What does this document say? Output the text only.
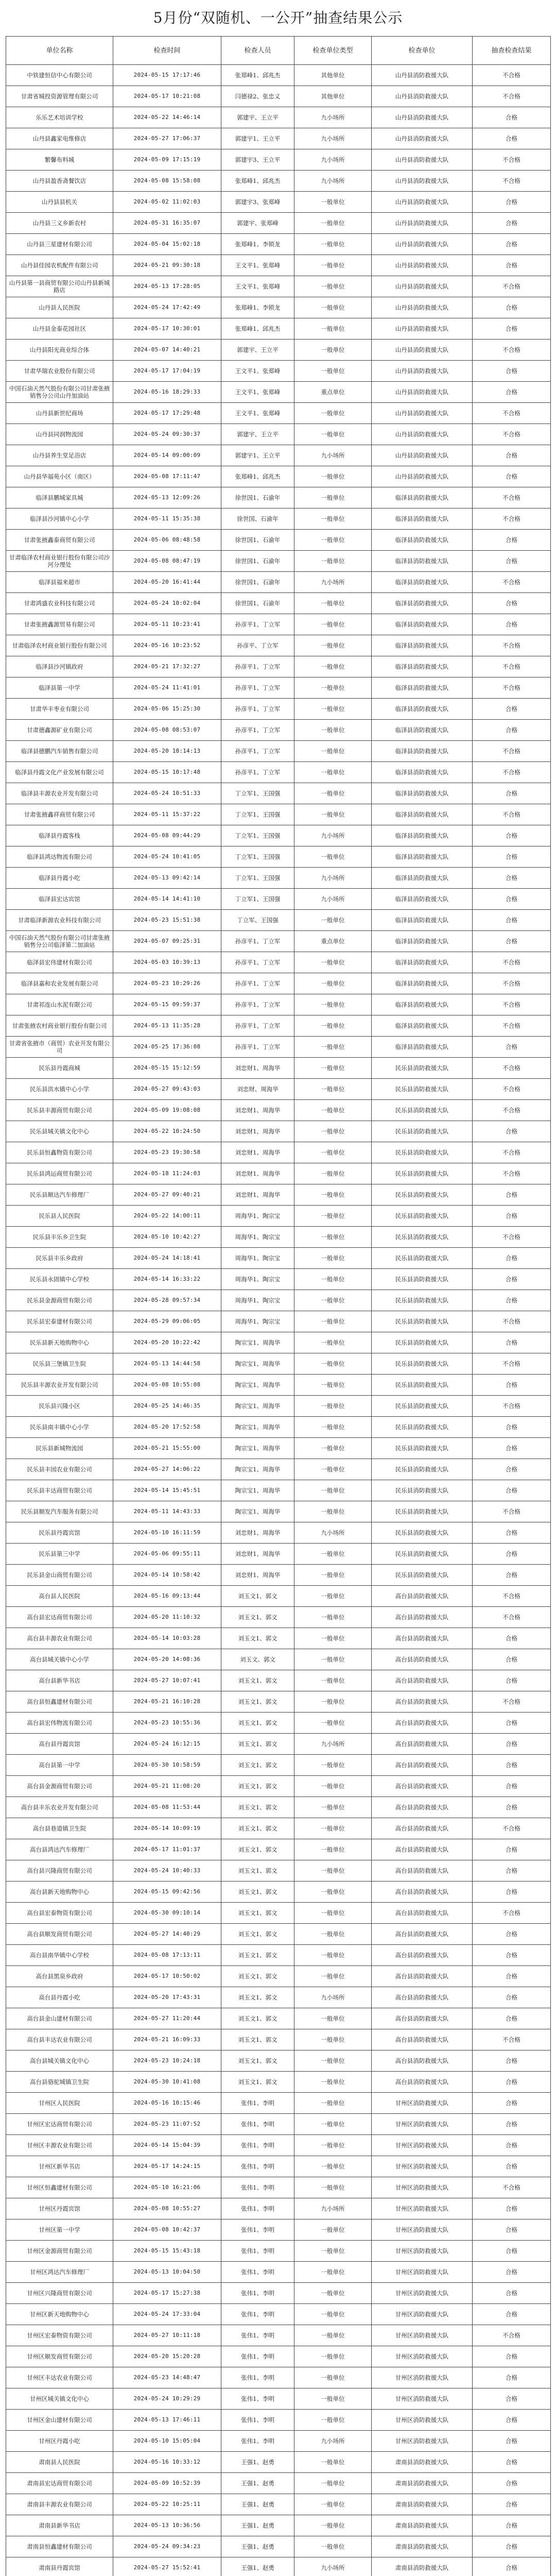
5月份“双随机、一公开”抽查结果公示
单位名称	检查时间	检查人员	检查单位类型	检查单位	抽查检查结果
中铁建恒信中心有限公司	2024-05-15 17:17:46	张郑峰1、邱兆杰	其他单位	山丹县消防救援大队	不合格
甘肃省城投资源管理有限公司	2024-05-17 10:21:08	闫德禄2、张忠义	其他单位	山丹县消防救援大队	不合格
乐乐艺术培训学校	2024-05-22 14:46:14	郭建宇、王立平	九小场所	山丹县消防救援大队	合格
山丹县鑫家电维修店	2024-05-27 17:06:37	郭建宇1、王立平	九小场所	山丹县消防救援大队	合格
繁馨布料城	2024-05-09 17:15:19	郭建宇3、王立平	九小场所	山丹县消防救援大队	不合格
山丹县盈香斋餐饮店	2024-05-08 15:58:08	张郑峰1、邱兆杰	九小场所	山丹县消防救援大队	不合格
山丹县县机关	2024-05-02 11:02:03	郭建宇3、张郑峰	一般单位	山丹县消防救援大队	合格
山丹县三义乡新农村	2024-05-31 16:35:07	郭建宇、张郑峰	一般单位	山丹县消防救援大队	合格
山丹县三星建材有限公司	2024-05-04 15:02:18	张郑峰1、李锁龙	一般单位	山丹县消防救援大队	合格
山丹县佳园农机配件有限公司	2024-05-21 09:30:18	王文平1、张郑峰	一般单位	山丹县消防救援大队	合格
山丹县第一县商贸有限公司山丹县新城路店	2024-05-13 17:28:05	王文平1、张郑峰	一般单位	山丹县消防救援大队	不合格
山丹县人民医院	2024-05-24 17:42:49	张郑峰1、李锁龙	一般单位	山丹县消防救援大队	合格
山丹县金泰花园社区	2024-05-17 10:30:01	张郑峰1、邱兆杰	一般单位	山丹县消防救援大队	合格
山丹县阳光商业综合体	2024-05-07 14:40:21	郭建宇、王立平	一般单位	山丹县消防救援大队	不合格
甘肃华瑞农业股份有限公司	2024-05-17 17:04:19	王文平1、张郑峰	一般单位	山丹县消防救援大队	合格
中国石油天然气股份有限公司甘肃张掖销售分公司山丹加油站	2024-05-16 18:29:33	王文平1、张郑峰	重点单位	山丹县消防救援大队	合格
山丹县新世纪商场	2024-05-17 17:29:48	王文平1、张郑峰	一般单位	山丹县消防救援大队	不合格
山丹县同润物流园	2024-05-24 09:30:37	郭建宇、王立平	一般单位	山丹县消防救援大队	不合格
山丹县养生堂足浴店	2024-05-14 09:00:09	郭建宇1、王立平	九小场所	山丹县消防救援大队	合格
山丹县华福苑小区（南区）	2024-05-08 17:11:47	张郑峰1、邱兆杰	一般单位	山丹县消防救援大队	合格
临泽县鹏城家具城	2024-05-13 12:09:26	徐世国1、石渝年	一般单位	临泽县消防救援大队	不合格
临泽县沙河镇中心小学	2024-05-11 15:35:38	徐世国、石渝年	一般单位	临泽县消防救援大队	不合格
甘肃张掖鑫泰商贸有限公司	2024-05-06 08:48:58	徐世国1、石渝年	一般单位	临泽县消防救援大队	合格
甘肃临泽农村商业银行股份有限公司沙河分理处	2024-05-08 08:47:19	徐世国1、石渝年	一般单位	临泽县消防救援大队	合格
临泽县福来超市	2024-05-20 16:41:44	徐世国1、石渝年	九小场所	临泽县消防救援大队	不合格
甘肃鸿盛农业科技有限公司	2024-05-24 10:02:04	徐世国1、石渝年	一般单位	临泽县消防救援大队	合格
甘肃张掖鑫源贸易有限公司	2024-05-11 10:23:41	孙彦平1、丁立军	一般单位	临泽县消防救援大队	合格
甘肃临泽农村商业银行股份有限公司	2024-05-16 10:23:52	孙彦平、丁立军	一般单位	临泽县消防救援大队	不合格
临泽县沙河镇政府	2024-05-21 17:32:27	孙彦平1、丁立军	一般单位	临泽县消防救援大队	不合格
临泽县第一中学	2024-05-24 11:41:01	孙彦平1、丁立军	一般单位	临泽县消防救援大队	不合格
甘肃华丰枣业有限公司	2024-05-06 15:25:30	孙彦平1、丁立军	一般单位	临泽县消防救援大队	合格
甘肃德鑫源矿业有限公司	2024-05-08 08:53:07	孙彦平1、丁立军	一般单位	临泽县消防救援大队	合格
临泽县德鹏汽车销售有限公司	2024-05-20 18:14:13	孙彦平1、丁立军	一般单位	临泽县消防救援大队	不合格
临泽县丹霞文化产业发展有限公司	2024-05-15 10:17:48	孙彦平1、丁立军	一般单位	临泽县消防救援大队	不合格
临泽县丰源农业开发有限公司	2024-05-24 10:51:33	丁立军1、王国强	一般单位	临泽县消防救援大队	合格
甘肃张掖鑫祥商贸有限公司	2024-05-11 15:37:22	丁立军1、王国强	一般单位	临泽县消防救援大队	不合格
临泽县丹霞客栈	2024-05-08 09:44:29	丁立军1、王国强	九小场所	临泽县消防救援大队	合格
临泽县鸿达物流有限公司	2024-05-24 10:41:05	丁立军1、王国强	一般单位	临泽县消防救援大队	合格
临泽县丹霞小吃	2024-05-13 09:42:14	丁立军1、王国强	九小场所	临泽县消防救援大队	合格
临泽县宏达宾馆	2024-05-14 14:41:10	丁立军1、王国强	九小场所	临泽县消防救援大队	合格
甘肃临泽新源农业科技有限公司	2024-05-23 15:51:38	丁立军、王国强	一般单位	临泽县消防救援大队	合格
中国石油天然气股份有限公司甘肃张掖销售分公司临泽第二加油站	2024-05-07 09:25:31	孙彦平1、丁立军	重点单位	临泽县消防救援大队	合格
临泽县宏伟建材有限公司	2024-05-03 10:39:13	孙彦平1、丁立军	一般单位	临泽县消防救援大队	不合格
临泽县嘉和农业发展有限公司	2024-05-23 10:29:26	孙彦平1、丁立军	一般单位	临泽县消防救援大队	不合格
甘肃祁连山水泥有限公司	2024-05-15 09:59:37	孙彦平1、丁立军	一般单位	临泽县消防救援大队	不合格
甘肃张掖农村商业银行股份有限公司	2024-05-13 11:35:28	孙彦平1、丁立军	一般单位	临泽县消防救援大队	不合格
甘肃省张掖市（商贸）农业开发有限公司	2024-05-25 17:36:08	孙彦平1、丁立军	一般单位	临泽县消防救援大队	合格
民乐县丹霞商城	2024-05-15 15:12:59	刘忠财1、周海华	一般单位	民乐县消防救援大队	不合格
民乐县洪水镇中心小学	2024-05-27 09:43:03	刘忠财、周海华	一般单位	民乐县消防救援大队	不合格
民乐县丰源商贸有限公司	2024-05-09 19:08:08	刘忠财1、周海华	一般单位	民乐县消防救援大队	不合格
民乐县城关镇文化中心	2024-05-22 10:24:50	刘忠财1、周海华	一般单位	民乐县消防救援大队	合格
民乐县恒鑫物资有限公司	2024-05-23 19:30:58	刘忠财1、周海华	一般单位	民乐县消防救援大队	不合格
民乐县鸿运商贸有限公司	2024-05-18 11:24:03	刘忠财1、周海华	一般单位	民乐县消防救援大队	不合格
民乐县顺达汽车修理厂	2024-05-27 09:40:21	刘忠财1、周海华	一般单位	民乐县消防救援大队	合格
民乐县人民医院	2024-05-22 14:00:11	周海华1、陶宗宝	一般单位	民乐县消防救援大队	合格
民乐县丰乐乡卫生院	2024-05-10 10:42:27	周海华1、陶宗宝	一般单位	民乐县消防救援大队	不合格
民乐县丰乐乡政府	2024-05-24 14:18:41	周海华1、陶宗宝	一般单位	民乐县消防救援大队	合格
民乐县永固镇中心学校	2024-05-14 16:33:22	周海华1、陶宗宝	一般单位	民乐县消防救援大队	合格
民乐县金源商贸有限公司	2024-05-28 09:57:34	周海华1、陶宗宝	一般单位	民乐县消防救援大队	合格
民乐县宏泰建材有限公司	2024-05-29 09:06:05	周海华1、陶宗宝	一般单位	民乐县消防救援大队	不合格
民乐县新天地购物中心	2024-05-20 10:22:42	陶宗宝1、周海华	一般单位	民乐县消防救援大队	合格
民乐县三堡镇卫生院	2024-05-13 14:44:58	陶宗宝1、周海华	一般单位	民乐县消防救援大队	不合格
民乐县丰源农业开发有限公司	2024-05-08 10:55:08	陶宗宝1、周海华	一般单位	民乐县消防救援大队	合格
民乐县兴隆小区	2024-05-25 14:46:35	陶宗宝1、周海华	一般单位	民乐县消防救援大队	不合格
民乐县南丰镇中心小学	2024-05-20 17:52:58	陶宗宝1、周海华	一般单位	民乐县消防救援大队	合格
民乐县新城物流园	2024-05-21 15:55:00	陶宗宝1、周海华	一般单位	民乐县消防救援大队	合格
民乐县丰园农业有限公司	2024-05-27 14:06:22	陶宗宝1、周海华	一般单位	民乐县消防救援大队	合格
民乐县丰达商贸有限公司	2024-05-14 15:45:51	陶宗宝1、周海华	一般单位	民乐县消防救援大队	合格
民乐县顺发汽车服务有限公司	2024-05-11 14:43:33	陶宗宝1、周海华	一般单位	民乐县消防救援大队	不合格
民乐县丹霞宾馆	2024-05-10 16:11:59	刘忠财1、周海华	九小场所	民乐县消防救援大队	合格
民乐县第三中学	2024-05-06 09:55:11	刘忠财1、周海华	一般单位	民乐县消防救援大队	合格
民乐县金山商贸有限公司	2024-05-14 10:58:42	刘忠财1、周海华	一般单位	民乐县消防救援大队	合格
高台县人民医院	2024-05-16 09:13:44	刘玉文1、郭文	一般单位	高台县消防救援大队	不合格
高台县宏达商贸有限公司	2024-05-20 11:10:32	刘玉文1、郭文	一般单位	高台县消防救援大队	不合格
高台县丰源农业有限公司	2024-05-14 10:03:28	刘玉文1、郭文	一般单位	高台县消防救援大队	合格
高台县城关镇中心小学	2024-05-20 14:08:36	刘玉文、郭文	一般单位	高台县消防救援大队	合格
高台县新华书店	2024-05-27 10:07:41	刘玉文1、郭文	一般单位	高台县消防救援大队	合格
高台县恒鑫建材有限公司	2024-05-21 16:10:28	刘玉文1、郭文	一般单位	高台县消防救援大队	不合格
高台县宏伟物流有限公司	2024-05-23 10:55:36	刘玉文1、郭文	一般单位	高台县消防救援大队	合格
高台县丹霞宾馆	2024-05-24 16:12:15	刘玉文1、郭文	九小场所	高台县消防救援大队	合格
高台县第一中学	2024-05-30 10:58:59	刘玉文1、郭文	一般单位	高台县消防救援大队	合格
高台县金源商贸有限公司	2024-05-21 11:08:20	刘玉文1、郭文	一般单位	高台县消防救援大队	合格
高台县丰乐农业开发有限公司	2024-05-08 11:53:44	刘玉文1、郭文	一般单位	高台县消防救援大队	合格
高台县巷道镇卫生院	2024-05-14 10:09:19	刘玉文1、郭文	一般单位	高台县消防救援大队	不合格
高台县鸿达汽车修理厂	2024-05-17 11:01:37	刘玉文1、郭文	一般单位	高台县消防救援大队	合格
高台县兴隆商贸有限公司	2024-05-24 10:40:33	刘玉文1、郭文	一般单位	高台县消防救援大队	合格
高台县新天地购物中心	2024-05-15 09:42:56	刘玉文1、郭文	一般单位	高台县消防救援大队	合格
高台县宏泰物资有限公司	2024-05-30 09:10:14	刘玉文1、郭文	一般单位	高台县消防救援大队	不合格
高台县顺发商贸有限公司	2024-05-27 14:40:29	刘玉文1、郭文	一般单位	高台县消防救援大队	合格
高台县南华镇中心学校	2024-05-08 17:13:11	刘玉文1、郭文	一般单位	高台县消防救援大队	合格
高台县黑泉乡政府	2024-05-17 10:50:02	刘玉文1、郭文	一般单位	高台县消防救援大队	合格
高台县丹霞小吃	2024-05-20 17:43:31	刘玉文1、郭文	九小场所	高台县消防救援大队	合格
高台县金山建材有限公司	2024-05-27 11:20:44	刘玉文1、郭文	一般单位	高台县消防救援大队	合格
高台县丰达农业有限公司	2024-05-21 16:09:33	刘玉文1、郭文	一般单位	高台县消防救援大队	不合格
高台县城关镇文化中心	2024-05-23 10:24:18	刘玉文1、郭文	一般单位	高台县消防救援大队	合格
高台县骆驼城镇卫生院	2024-05-30 10:41:08	刘玉文1、郭文	一般单位	高台县消防救援大队	合格
甘州区人民医院	2024-05-16 10:15:46	张伟1、李明	一般单位	甘州区消防救援大队	合格
甘州区宏达商贸有限公司	2024-05-23 11:07:52	张伟1、李明	一般单位	甘州区消防救援大队	合格
甘州区丰源农业有限公司	2024-05-14 15:04:39	张伟1、李明	一般单位	甘州区消防救援大队	合格
甘州区新华书店	2024-05-17 14:24:15	张伟1、李明	一般单位	甘州区消防救援大队	合格
甘州区恒鑫建材有限公司	2024-05-10 16:21:06	张伟1、李明	一般单位	甘州区消防救援大队	不合格
甘州区丹霞宾馆	2024-05-08 10:55:27	张伟1、李明	九小场所	甘州区消防救援大队	合格
甘州区第一中学	2024-05-08 10:42:37	张伟1、李明	一般单位	甘州区消防救援大队	合格
甘州区金源商贸有限公司	2024-05-15 15:43:18	张伟1、李明	一般单位	甘州区消防救援大队	合格
甘州区鸿达汽车修理厂	2024-05-13 10:04:50	张伟1、李明	一般单位	甘州区消防救援大队	合格
甘州区兴隆商贸有限公司	2024-05-17 15:27:38	张伟1、李明	一般单位	甘州区消防救援大队	合格
甘州区新天地购物中心	2024-05-24 17:33:04	张伟1、李明	一般单位	甘州区消防救援大队	合格
甘州区宏泰物资有限公司	2024-05-27 10:11:18	张伟1、李明	一般单位	甘州区消防救援大队	不合格
甘州区顺发商贸有限公司	2024-05-20 15:20:28	张伟1、李明	一般单位	甘州区消防救援大队	合格
甘州区丰达农业有限公司	2024-05-23 14:48:47	张伟1、李明	一般单位	甘州区消防救援大队	合格
甘州区城关镇文化中心	2024-05-24 10:29:29	张伟1、李明	一般单位	甘州区消防救援大队	合格
甘州区金山建材有限公司	2024-05-13 17:46:11	张伟1、李明	一般单位	甘州区消防救援大队	合格
甘州区丹霞小吃	2024-05-10 15:05:04	张伟1、李明	九小场所	甘州区消防救援大队	合格
肃南县人民医院	2024-05-16 10:33:12	王强1、赵勇	一般单位	肃南县消防救援大队	合格
肃南县宏达商贸有限公司	2024-05-09 10:52:39	王强1、赵勇	一般单位	肃南县消防救援大队	合格
肃南县丰源农业有限公司	2024-05-22 10:25:11	王强1、赵勇	一般单位	肃南县消防救援大队	合格
肃南县新华书店	2024-05-13 10:36:56	王强1、赵勇	一般单位	肃南县消防救援大队	合格
肃南县恒鑫建材有限公司	2024-05-24 09:34:23	王强1、赵勇	一般单位	肃南县消防救援大队	合格
肃南县丹霞宾馆	2024-05-27 15:52:41	王强1、赵勇	九小场所	肃南县消防救援大队	合格
